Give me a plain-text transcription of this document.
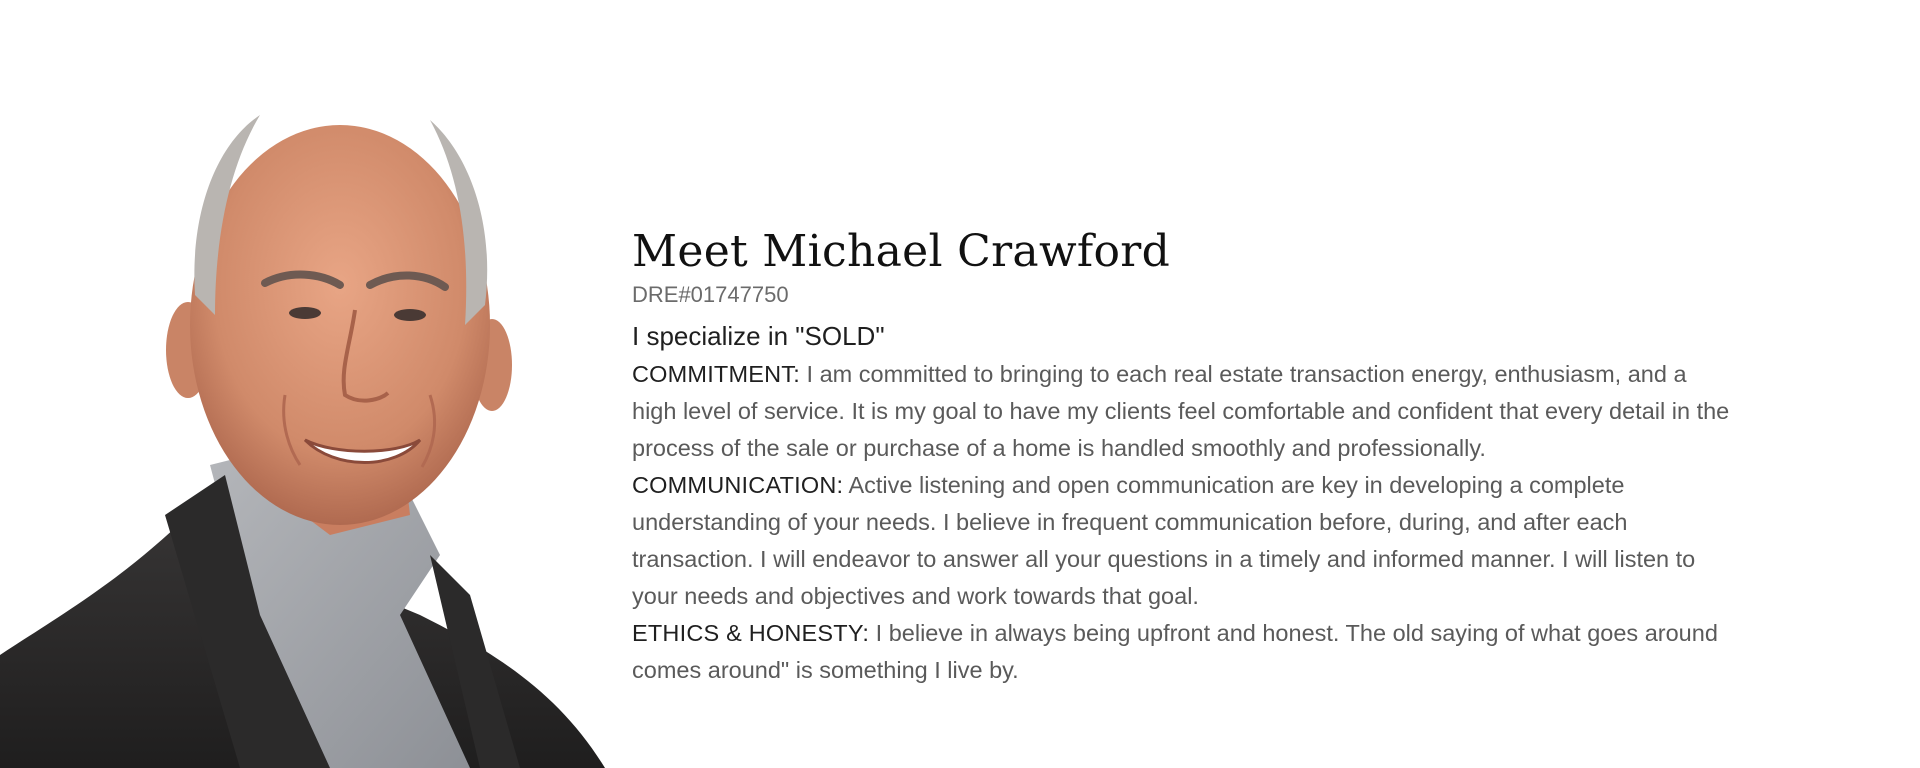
Meet Michael Crawford
DRE#01747750
I specialize in "SOLD"

COMMITMENT: I am committed to bringing to each real estate transaction energy, enthusiasm, and a high level of service. It is my goal to have my clients feel comfortable and confident that every detail in the process of the sale or purchase of a home is handled smoothly and professionally.

COMMUNICATION: Active listening and open communication are key in developing a complete understanding of your needs. I believe in frequent communication before, during, and after each transaction. I will endeavor to answer all your questions in a timely and informed manner. I will listen to your needs and objectives and work towards that goal.

ETHICS & HONESTY: I believe in always being upfront and honest. The old saying of what goes around comes around" is something I live by.
